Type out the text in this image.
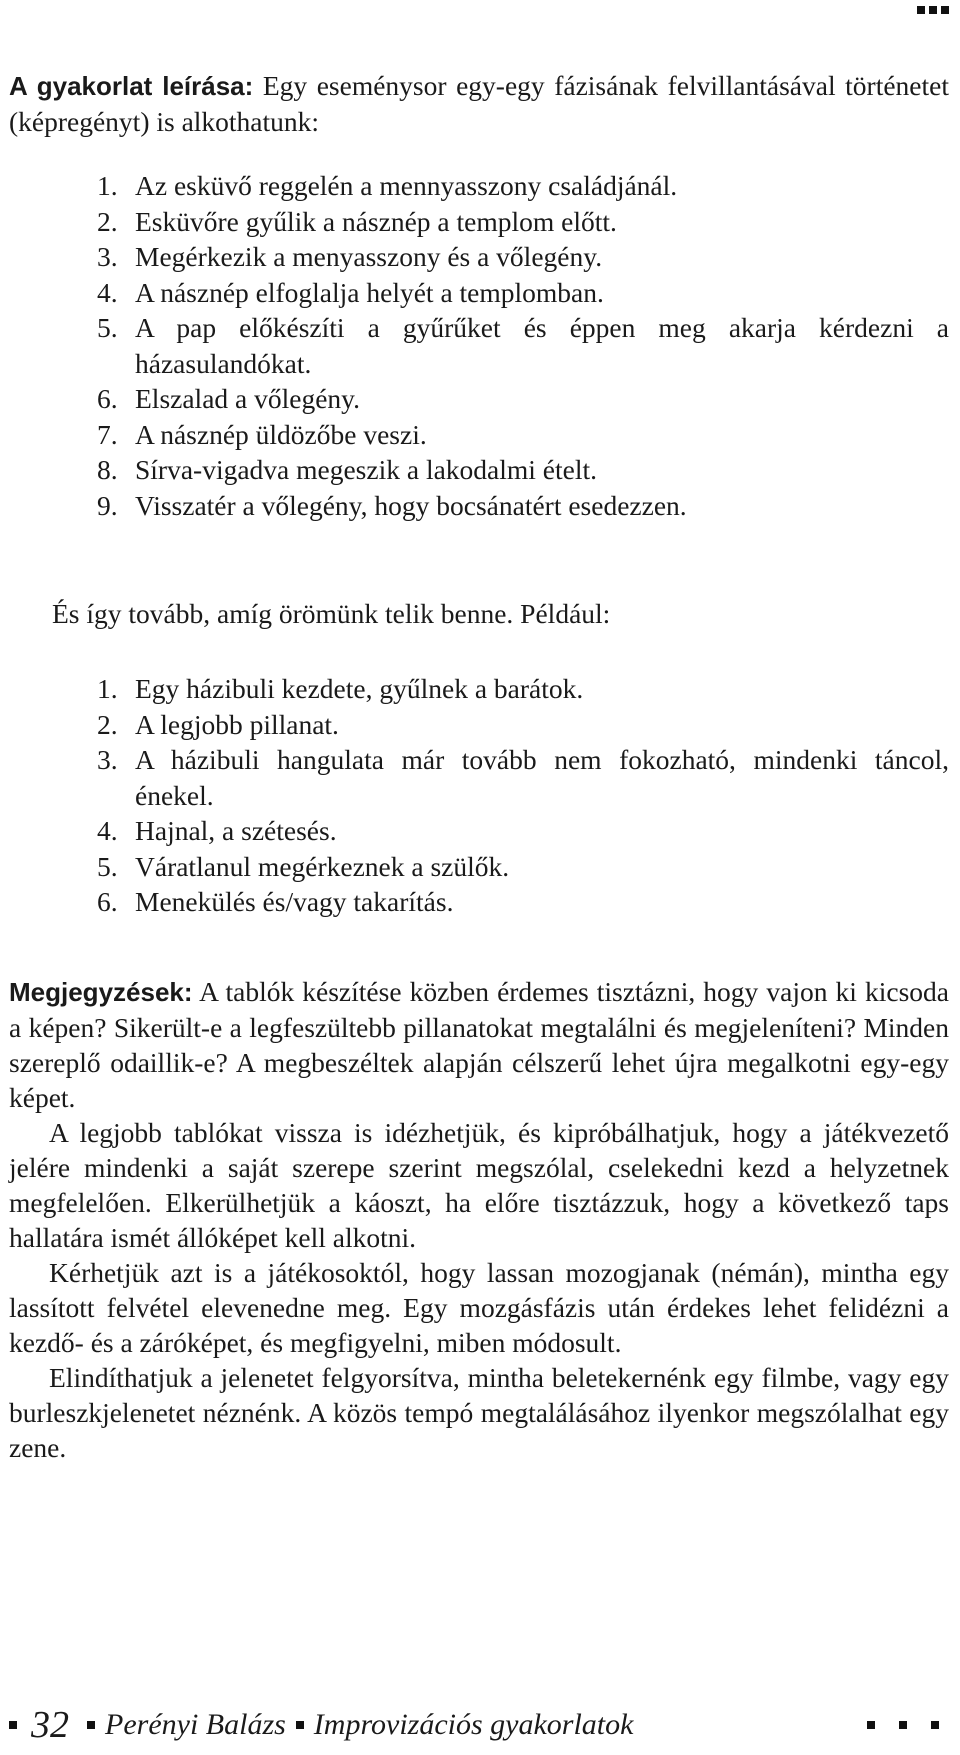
A gyakorlat leírása: Egy eseménysor egy-egy fázisának felvillantásával történetet (képregényt) is alkothatunk:

1. Az esküvő reggelén a mennyasszony családjánál.
2. Esküvőre gyűlik a násznép a templom előtt.
3. Megérkezik a menyasszony és a vőlegény.
4. A násznép elfoglalja helyét a templomban.
5. A pap előkészíti a gyűrűket és éppen meg akarja kérdezni a házasulandókat.
6. Elszalad a vőlegény.
7. A násznép üldözőbe veszi.
8. Sírva-vigadva megeszik a lakodalmi ételt.
9. Visszatér a vőlegény, hogy bocsánatért esedezzen.
És így tovább, amíg örömünk telik benne. Például:
1. Egy házibuli kezdete, gyűlnek a barátok.
2. A legjobb pillanat.
3. A házibuli hangulata már tovább nem fokozható, mindenki táncol, énekel.
4. Hajnal, a szétesés.
5. Váratlanul megérkeznek a szülők.
6. Menekülés és/vagy takarítás.

Megjegyzések: A tablók készítése közben érdemes tisztázni, hogy vajon ki kicsoda a képen? Sikerült-e a legfeszültebb pillanatokat megtalálni és megjeleníteni? Minden szereplő odaillik-e? A megbeszéltek alapján célszerű lehet újra megalkotni egy-egy képet.

A legjobb tablókat vissza is idézhetjük, és kipróbálhatjuk, hogy a játékvezető jelére mindenki a saját szerepe szerint megszólal, cselekedni kezd a helyzetnek megfelelően. Elkerülhetjük a káoszt, ha előre tisztázzuk, hogy a következő taps hallatára ismét állóképet kell alkotni.

Kérhetjük azt is a játékosoktól, hogy lassan mozogjanak (némán), mintha egy lassított felvétel elevenedne meg. Egy mozgásfázis után érdekes lehet felidézni a kezdő- és a záróképet, és megfigyelni, miben módosult.

Elindíthatjuk a jelenetet felgyorsítva, mintha beletekernénk egy filmbe, vagy egy burleszkjelenetet néznénk. A közös tempó megtalálásához ilyenkor megszólalhat egy zene.

32 Perényi Balázs Improvizációs gyakorlatok
